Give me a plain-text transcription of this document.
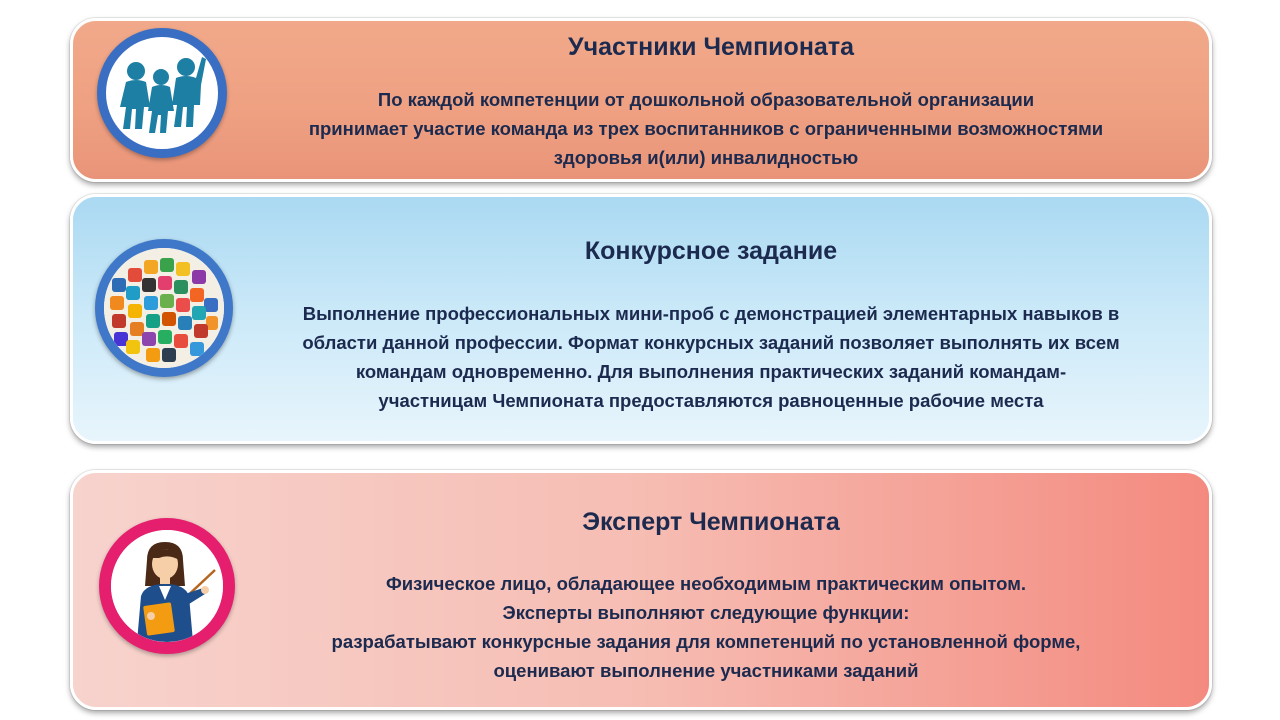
Участники Чемпионата
По каждой компетенции от дошкольной образовательной организации
принимает участие команда из трех воспитанников с ограниченными возможностями
здоровья и(или) инвалидностью
Конкурсное задание
Выполнение профессиональных мини-проб с демонстрацией элементарных навыков в
области данной профессии. Формат конкурсных заданий позволяет выполнять их всем
командам одновременно. Для выполнения практических заданий командам-
участницам Чемпионата предоставляются равноценные рабочие места
Эксперт Чемпионата
Физическое лицо, обладающее необходимым практическим опытом.
Эксперты выполняют следующие функции:
разрабатывают конкурсные задания для компетенций по установленной форме,
оценивают выполнение участниками заданий
